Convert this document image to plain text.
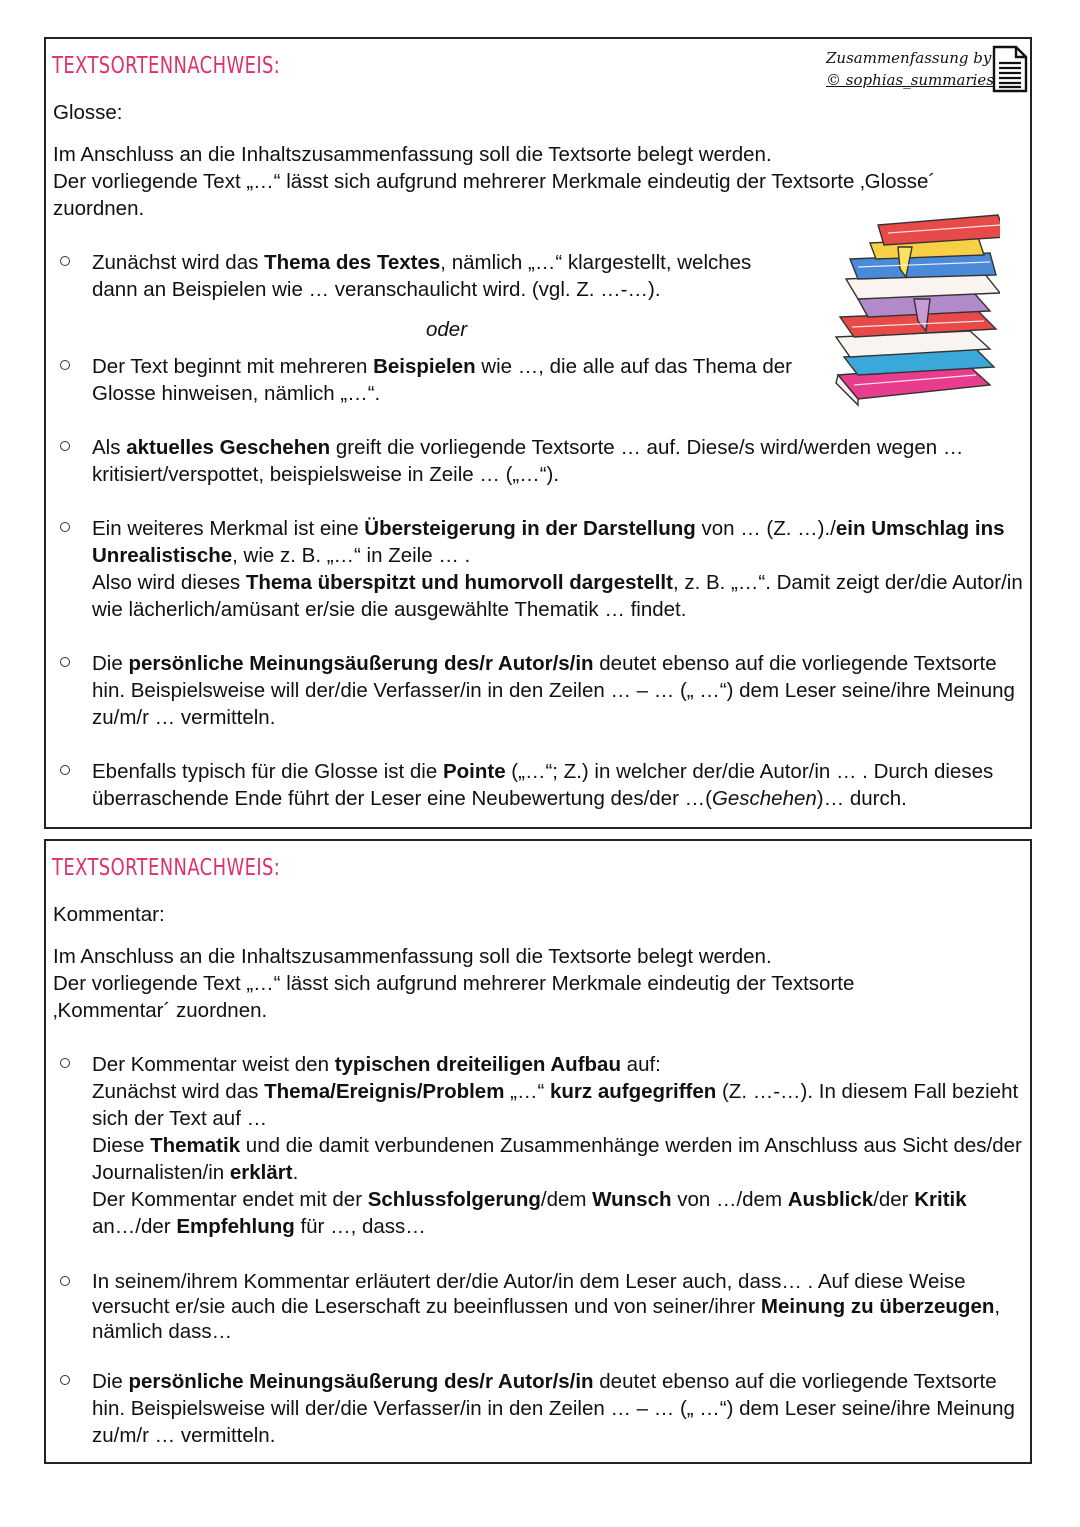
TEXTSORTENNACHWEIS:	Zusammenfassung by
© sophias_summaries
Glosse:
Im Anschluss an die Inhaltszusammenfassung soll die Textsorte belegt werden.
Der vorliegende Text „…“ lässt sich aufgrund mehrerer Merkmale eindeutig der Textsorte ‚Glosse´ zuordnen.
Zunächst wird das Thema des Textes, nämlich „…“ klargestellt, welches dann an Beispielen wie … veranschaulicht wird. (vgl. Z. …-…).
oder
Der Text beginnt mit mehreren Beispielen wie …, die alle auf das Thema der Glosse hinweisen, nämlich „…“.
Als aktuelles Geschehen greift die vorliegende Textsorte … auf. Diese/s wird/werden wegen … kritisiert/verspottet, beispielsweise in Zeile … („…“).
Ein weiteres Merkmal ist eine Übersteigerung in der Darstellung von … (Z. …)./ein Umschlag ins Unrealistische, wie z. B. „…“ in Zeile … .
Also wird dieses Thema überspitzt und humorvoll dargestellt, z. B. „…“. Damit zeigt der/die Autor/in wie lächerlich/amüsant er/sie die ausgewählte Thematik … findet.
Die persönliche Meinungsäußerung des/r Autor/s/in deutet ebenso auf die vorliegende Textsorte hin. Beispielsweise will der/die Verfasser/in in den Zeilen … – … („ …“) dem Leser seine/ihre Meinung zu/m/r … vermitteln.
Ebenfalls typisch für die Glosse ist die Pointe („…“; Z.) in welcher der/die Autor/in … . Durch dieses überraschende Ende führt der Leser eine Neubewertung des/der …(Geschehen)… durch.
TEXTSORTENNACHWEIS:
Kommentar:
Im Anschluss an die Inhaltszusammenfassung soll die Textsorte belegt werden.
Der vorliegende Text „…“ lässt sich aufgrund mehrerer Merkmale eindeutig der Textsorte ‚Kommentar´ zuordnen.
Der Kommentar weist den typischen dreiteiligen Aufbau auf:
Zunächst wird das Thema/Ereignis/Problem „…“ kurz aufgegriffen (Z. …-…). In diesem Fall bezieht sich der Text auf …
Diese Thematik und die damit verbundenen Zusammenhänge werden im Anschluss aus Sicht des/der Journalisten/in erklärt.
Der Kommentar endet mit der Schlussfolgerung/dem Wunsch von …/dem Ausblick/der Kritik an…/der Empfehlung für …, dass…
In seinem/ihrem Kommentar erläutert der/die Autor/in dem Leser auch, dass… . Auf diese Weise versucht er/sie auch die Leserschaft zu beeinflussen und von seiner/ihrer Meinung zu überzeugen, nämlich dass…
Die persönliche Meinungsäußerung des/r Autor/s/in deutet ebenso auf die vorliegende Textsorte hin. Beispielsweise will der/die Verfasser/in in den Zeilen … – … („ …“) dem Leser seine/ihre Meinung zu/m/r … vermitteln.
